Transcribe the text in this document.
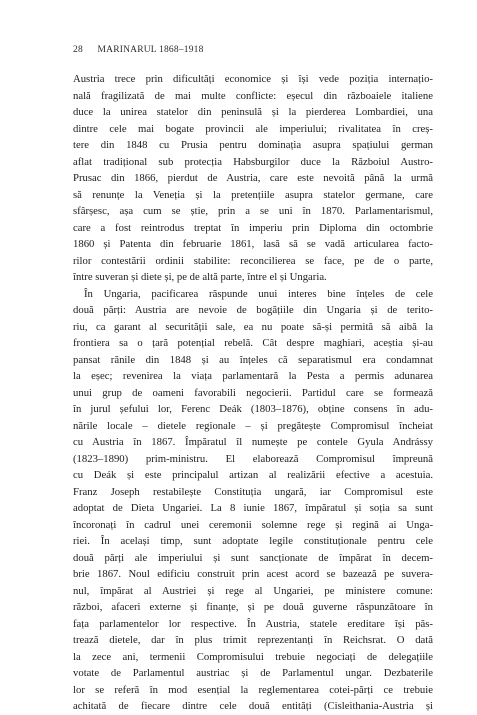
28 MARINARUL 1868–1918
Austria trece prin dificultăți economice și își vede poziția internațio-
nală fragilizată de mai multe conflicte: eșecul din războaiele italiene
duce la unirea statelor din peninsulă și la pierderea Lombardiei, una
dintre cele mai bogate provincii ale imperiului; rivalitatea în creș-
tere din 1848 cu Prusia pentru dominația asupra spațiului german
aflat tradițional sub protecția Habsburgilor duce la Războiul Austro-
Prusac din 1866, pierdut de Austria, care este nevoită până la urmă
să renunțe la Veneția și la pretențiile asupra statelor germane, care
sfârșesc, așa cum se știe, prin a se uni în 1870. Parlamentarismul,
care a fost reintrodus treptat în imperiu prin Diploma din octombrie
1860 și Patenta din februarie 1861, lasă să se vadă articularea facto-
rilor contestării ordinii stabilite: reconcilierea se face, pe de o parte,
între suveran și diete și, pe de altă parte, între el și Ungaria.
În Ungaria, pacificarea răspunde unui interes bine înțeles de cele
două părți: Austria are nevoie de bogățiile din Ungaria și de terito-
riu, ca garant al securității sale, ea nu poate să-și permită să aibă la
frontiera sa o țară potențial rebelă. Cât despre maghiari, aceștia și-au
pansat rănile din 1848 și au înțeles că separatismul era condamnat
la eșec; revenirea la viața parlamentară la Pesta a permis adunarea
unui grup de oameni favorabili negocierii. Partidul care se formează
în jurul șefului lor, Ferenc Deák (1803–1876), obține consens în adu-
nările locale – dietele regionale – și pregătește Compromisul încheiat
cu Austria în 1867. Împăratul îl numește pe contele Gyula Andrássy
(1823–1890) prim-ministru. El elaborează Compromisul împreună
cu Deák și este principalul artizan al realizării efective a acestuia.
Franz Joseph restabilește Constituția ungară, iar Compromisul este
adoptat de Dieta Ungariei. La 8 iunie 1867, împăratul și soția sa sunt
încoronați în cadrul unei ceremonii solemne rege și regină ai Unga-
riei. În același timp, sunt adoptate legile constituționale pentru cele
două părți ale imperiului și sunt sancționate de împărat în decem-
brie 1867. Noul edificiu construit prin acest acord se bazează pe suvera-
nul, împărat al Austriei și rege al Ungariei, pe ministere comune:
război, afaceri externe și finanțe, și pe două guverne răspunzătoare în
fața parlamentelor lor respective. În Austria, statele ereditare își păs-
trează dietele, dar în plus trimit reprezentanți în Reichsrat. O dată
la zece ani, termenii Compromisului trebuie negociați de delegațiile
votate de Parlamentul austriac și de Parlamentul ungar. Dezbaterile
lor se referă în mod esențial la reglementarea cotei-părți ce trebuie
achitată de fiecare dintre cele două entități (Cisleithania-Austria și
